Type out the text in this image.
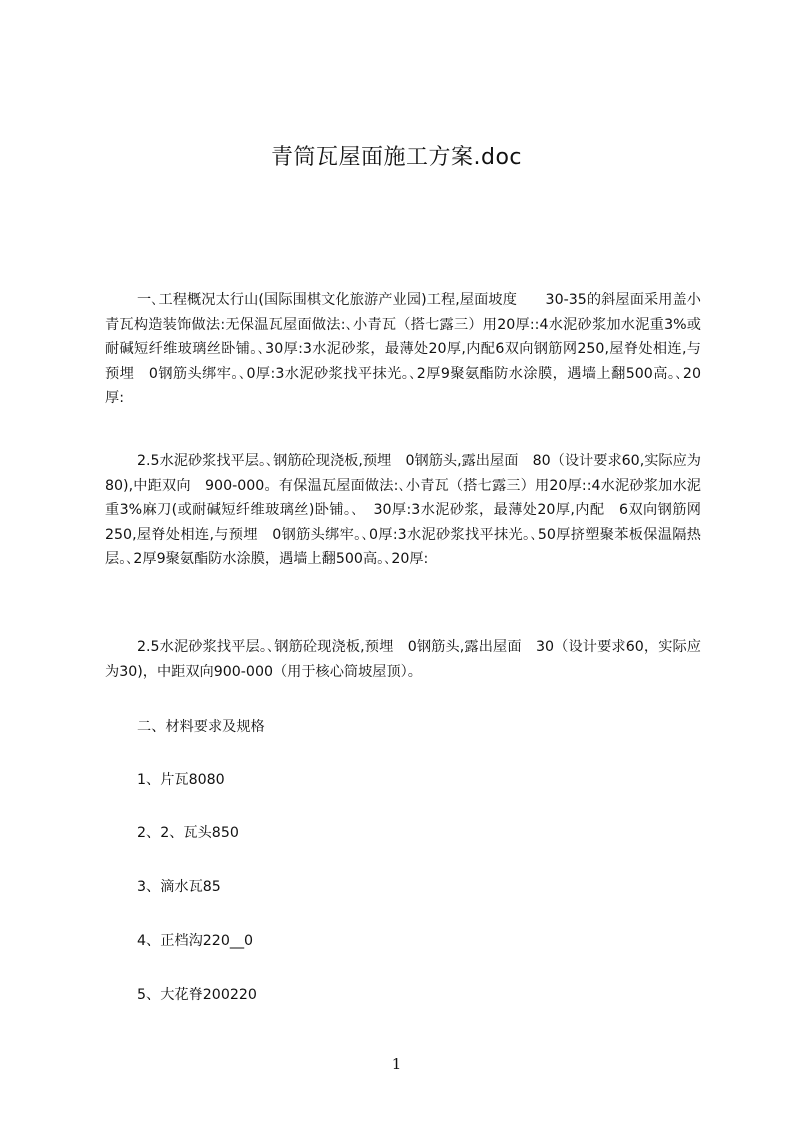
青筒瓦屋面施工方案.doc

一､工程概况太行山(国际围棋文化旅游产业园)工程,屋面坡度　　30-35的斜屋面采用盖小青瓦构造装饰做法:无保温瓦屋面做法:､小青瓦（搭七露三）用20厚::4水泥砂浆加水泥重3%或耐碱短纤维玻璃丝卧铺｡､30厚:3水泥砂浆，最薄处20厚,内配6双向钢筋网250,屋脊处相连,与预埋　0钢筋头绑牢｡､0厚:3水泥砂浆找平抹光｡､2厚9聚氨酯防水涂膜，遇墙上翻500高｡､20厚:

2.5水泥砂浆找平层｡､钢筋砼现浇板,预埋　0钢筋头,露出屋面　80（设计要求60,实际应为　80),中距双向　900-000。有保温瓦屋面做法:､小青瓦（搭七露三）用20厚::4水泥砂浆加水泥重3%麻刀(或耐碱短纤维玻璃丝)卧铺｡､　30厚:3水泥砂浆，最薄处20厚,内配　6双向钢筋网250,屋脊处相连,与预埋　0钢筋头绑牢｡､0厚:3水泥砂浆找平抹光｡､50厚挤塑聚苯板保温隔热层｡､2厚9聚氨酯防水涂膜，遇墙上翻500高｡､20厚:

2.5水泥砂浆找平层｡､钢筋砼现浇板,预埋　0钢筋头,露出屋面　30（设计要求60，实际应为30)，中距双向900-000（用于核心筒坡屋顶）。

二、材料要求及规格

1、片瓦8080

2、2、瓦头850

3、滴水瓦85

4、正档沟220__0

5、大花脊200220

1
